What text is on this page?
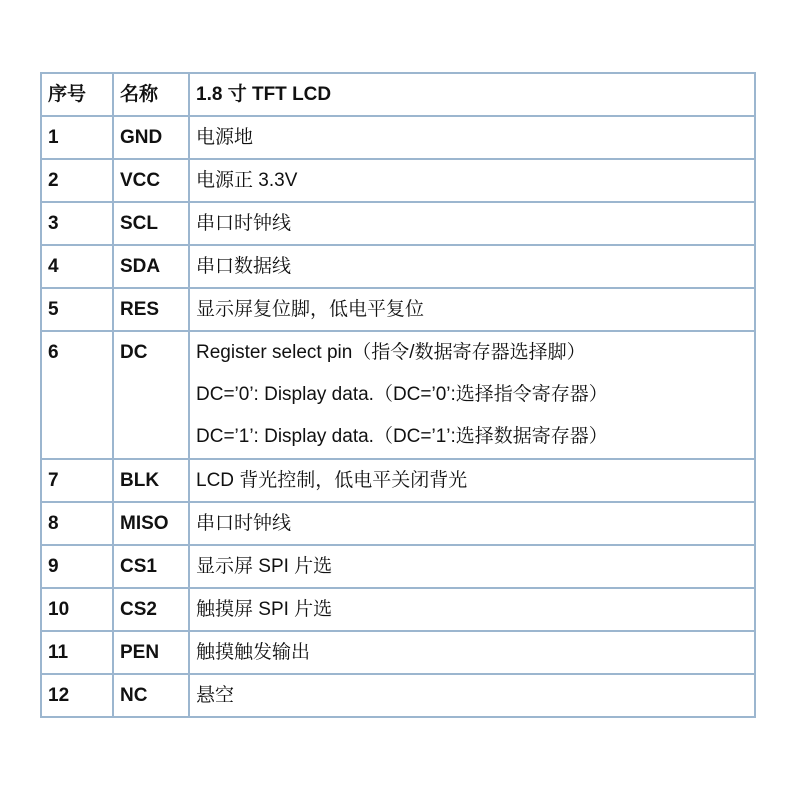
序号	名称	1.8 寸 TFT LCD
1	GND	电源地
2	VCC	电源正 3.3V
3	SCL	串口时钟线
4	SDA	串口数据线
5	RES	显示屏复位脚，低电平复位

6	DC	Register select pin（指令/数据寄存器选择脚）
DC=’0’: Display data.（DC=’0’:选择指令寄存器）
DC=’1’: Display data.（DC=’1’:选择数据寄存器）

7	BLK	LCD 背光控制，低电平关闭背光
8	MISO	串口时钟线
9	CS1	显示屏 SPI 片选
10	CS2	触摸屏 SPI 片选
11	PEN	触摸触发输出
12	NC	悬空
